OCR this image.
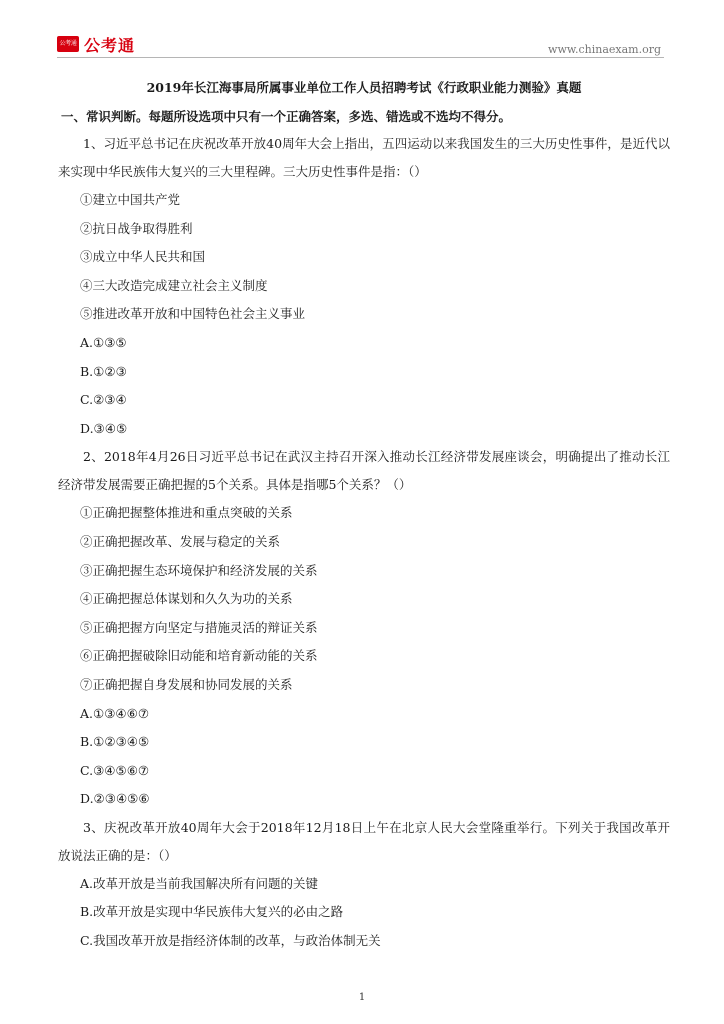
公考通 公考通	www.chinaexam.org
2019年长江海事局所属事业单位工作人员招聘考试《行政职业能力测验》真题
一、常识判断。每题所设选项中只有一个正确答案，多选、错选或不选均不得分。

1、习近平总书记在庆祝改革开放40周年大会上指出，五四运动以来我国发生的三大历史性事件，是近代以来实现中华民族伟大复兴的三大里程碑。三大历史性事件是指：（）

①建立中国共产党
②抗日战争取得胜利
③成立中华人民共和国
④三大改造完成建立社会主义制度
⑤推进改革开放和中国特色社会主义事业
A.①③⑤
B.①②③
C.②③④
D.③④⑤

2、2018年4月26日习近平总书记在武汉主持召开深入推动长江经济带发展座谈会，明确提出了推动长江经济带发展需要正确把握的5个关系。具体是指哪5个关系？（）

①正确把握整体推进和重点突破的关系
②正确把握改革、发展与稳定的关系
③正确把握生态环境保护和经济发展的关系
④正确把握总体谋划和久久为功的关系
⑤正确把握方向坚定与措施灵活的辩证关系
⑥正确把握破除旧动能和培育新动能的关系
⑦正确把握自身发展和协同发展的关系
A.①③④⑥⑦
B.①②③④⑤
C.③④⑤⑥⑦
D.②③④⑤⑥

3、庆祝改革开放40周年大会于2018年12月18日上午在北京人民大会堂隆重举行。下列关于我国改革开放说法正确的是：（）

A.改革开放是当前我国解决所有问题的关键
B.改革开放是实现中华民族伟大复兴的必由之路
C.我国改革开放是指经济体制的改革，与政治体制无关
1
